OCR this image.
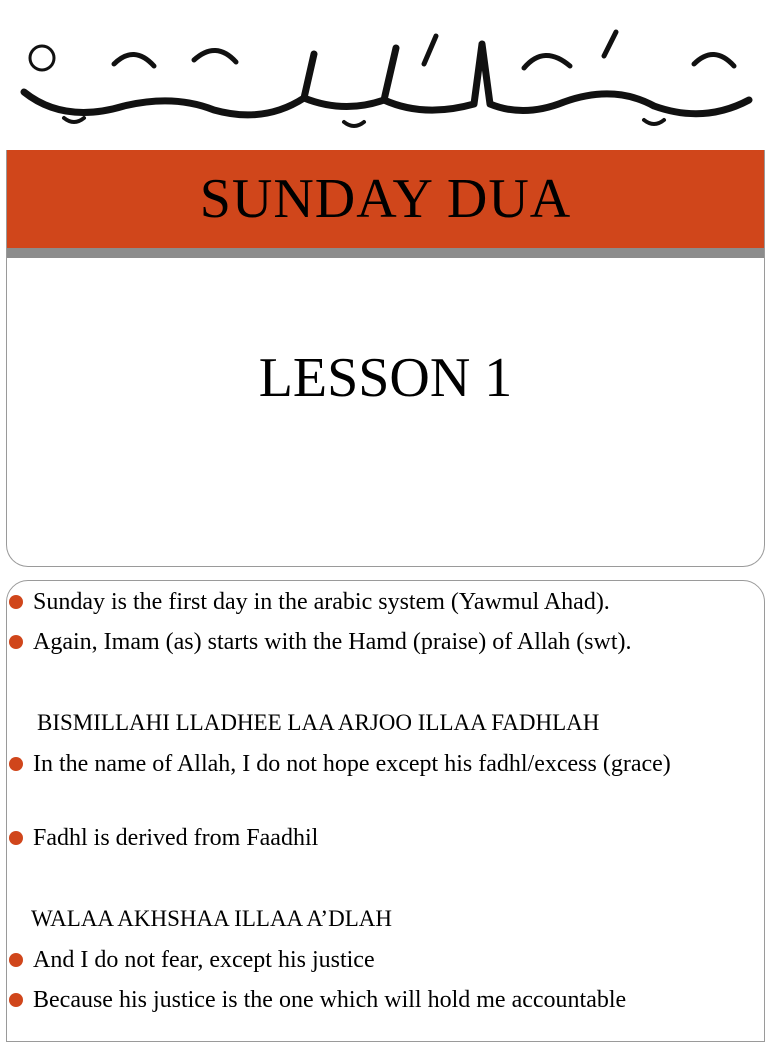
SUNDAY DUA
LESSON 1
Sunday is the first day in the arabic system (Yawmul Ahad).
Again, Imam (as) starts with the Hamd (praise) of Allah (swt).
BISMILLAHI LLADHEE LAA ARJOO ILLAA FADHLAH
In the name of Allah, I do not hope except his fadhl/excess (grace)
Fadhl is derived from Faadhil
WALAA AKHSHAA ILLAA A’DLAH
And I do not fear, except his justice
Because his justice is the one which will hold me accountable
